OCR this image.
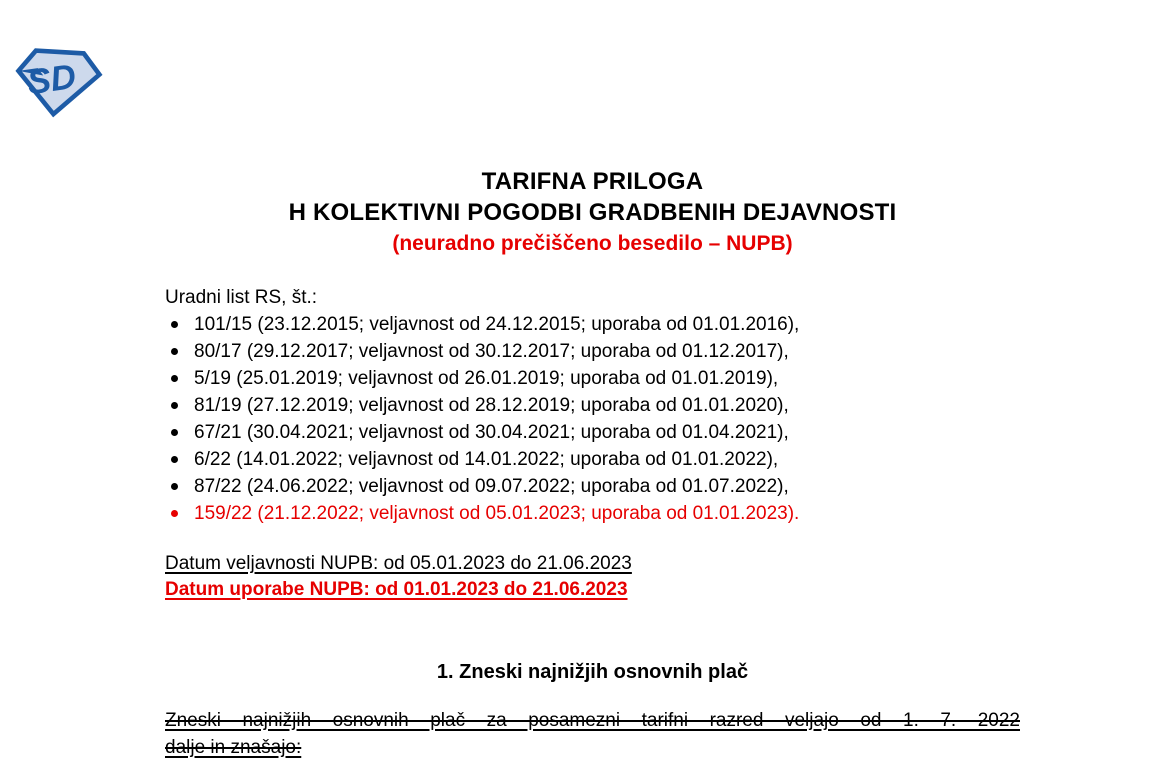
SD
TARIFNA PRILOGA
H KOLEKTIVNI POGODBI GRADBENIH DEJAVNOSTI
(neuradno prečiščeno besedilo – NUPB)
Uradni list RS, št.:
101/15 (23.12.2015; veljavnost od 24.12.2015; uporaba od 01.01.2016),
80/17 (29.12.2017; veljavnost od 30.12.2017; uporaba od 01.12.2017),
5/19 (25.01.2019; veljavnost od 26.01.2019; uporaba od 01.01.2019),
81/19 (27.12.2019; veljavnost od 28.12.2019; uporaba od 01.01.2020),
67/21 (30.04.2021; veljavnost od 30.04.2021; uporaba od 01.04.2021),
6/22 (14.01.2022; veljavnost od 14.01.2022; uporaba od 01.01.2022),
87/22 (24.06.2022; veljavnost od 09.07.2022; uporaba od 01.07.2022),
159/22 (21.12.2022; veljavnost od 05.01.2023; uporaba od 01.01.2023).
Datum veljavnosti NUPB: od 05.01.2023 do 21.06.2023
Datum uporabe NUPB: od 01.01.2023 do 21.06.2023
1. Zneski najnižjih osnovnih plač
Zneski najnižjih osnovnih plač za posamezni tarifni razred veljajo od 1. 7. 2022
dalje in znašajo:
